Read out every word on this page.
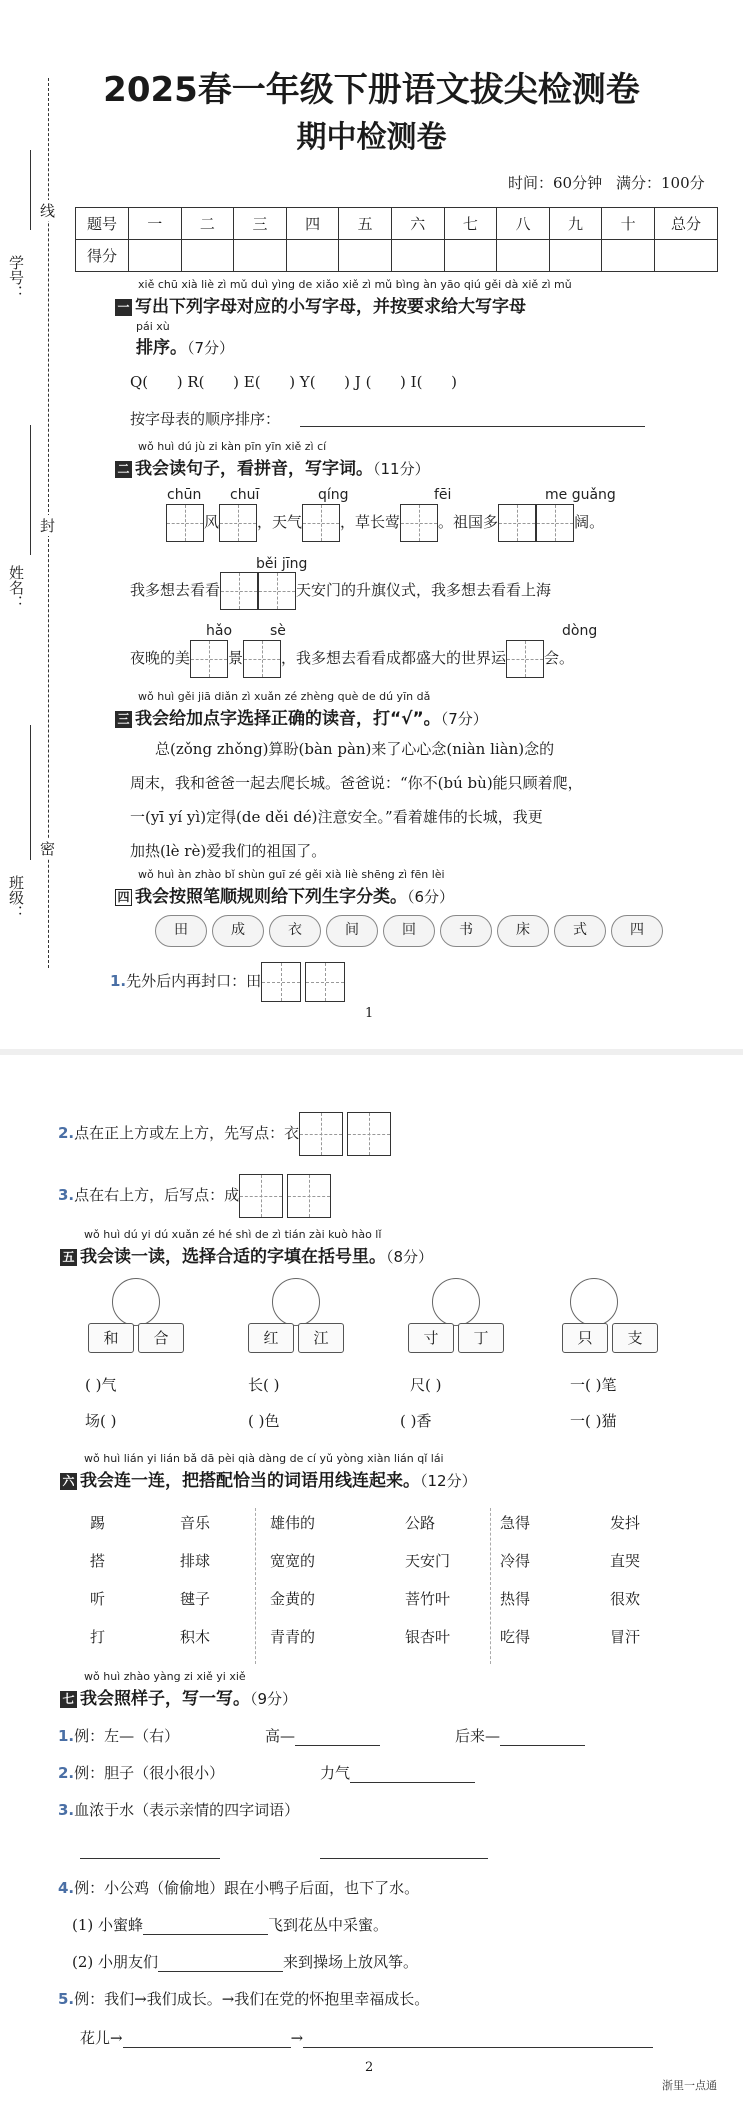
2025春一年级下册语文拔尖检测卷
期中检测卷
时间：60分钟 满分：100分
学号：
线
姓名：
封
班级：
密
题号	一	二	三	四	五	六	七	八	九	十	总分
得分											
xiě chū xià liè zì mǔ duì yìng de xiǎo xiě zì mǔ bìng àn yāo qiú gěi dà xiě zì mǔ
一 写出下列字母对应的小写字母，并按要求给大写字母
pái xù
排序。（7分）
Q( ) R( ) E( ) Y( ) J ( ) I( )
按字母表的顺序排序：
wǒ huì dú jù zi kàn pīn yīn xiě zì cí
二 我会读句子，看拼音，写字词。（11分）
chūn chuī	qíng	fēi	me guǎng
风	，天气	，草长莺	。祖国多	阔。
běi jīng
我多想去看看	天安门的升旗仪式，我多想去看看上海
hǎo	sè	dòng
夜晚的美	景	，我多想去看看成都盛大的世界运	会。
wǒ huì gěi jiā diǎn zì xuǎn zé zhèng què de dú yīn dǎ
三 我会给加点字选择正确的读音，打“√”。（7分）
总(zǒng zhǒng)算盼(bàn pàn)来了心心念(niàn liàn)念的
周末，我和爸爸一起去爬长城。爸爸说：“你不(bú bù)能只顾着爬，
一(yī yí yì)定得(de děi dé)注意安全。”看着雄伟的长城，我更
加热(lè rè)爱我们的祖国了。
wǒ huì àn zhào bǐ shùn guī zé gěi xià liè shēng zì fēn lèi
四 我会按照笔顺规则给下列生字分类。（6分）
田	成	衣	间	回	书	床	式	四
1.先外后内再封口：田
1
2.点在正上方或左上方，先写点：衣
3.点在右上方，后写点：成
wǒ huì dú yi dú xuǎn zé hé shì de zì tián zài kuò hào lǐ
五 我会读一读，选择合适的字填在括号里。（8分）
和 合	红 江	寸 丁	只 支
( )气	长( )	尺( )	一( )笔
场( )	( )色	( )香	一( )猫
wǒ huì lián yi lián bǎ dā pèi qià dàng de cí yǔ yòng xiàn lián qǐ lái
六 我会连一连，把搭配恰当的词语用线连起来。（12分）
踢	音乐	雄伟的	公路	急得	发抖
搭	排球	宽宽的	天安门	冷得	直哭
听	毽子	金黄的	菩竹叶	热得	很欢
打	积木	青青的	银杏叶	吃得	冒汗
wǒ huì zhào yàng zi xiě yi xiě
七 我会照样子，写一写。（9分）
1.例：左—（右）	高—	后来—
2.例：胆子（很小很小）	力气
3.血浓于水（表示亲情的四字词语）
4.例：小公鸡（偷偷地）跟在小鸭子后面，也下了水。
(1) 小蜜蜂	飞到花丛中采蜜。
(2) 小朋友们	来到操场上放风筝。
5.例：我们→我们成长。→我们在党的怀抱里幸福成长。
花儿→	→
2
浙里一点通
